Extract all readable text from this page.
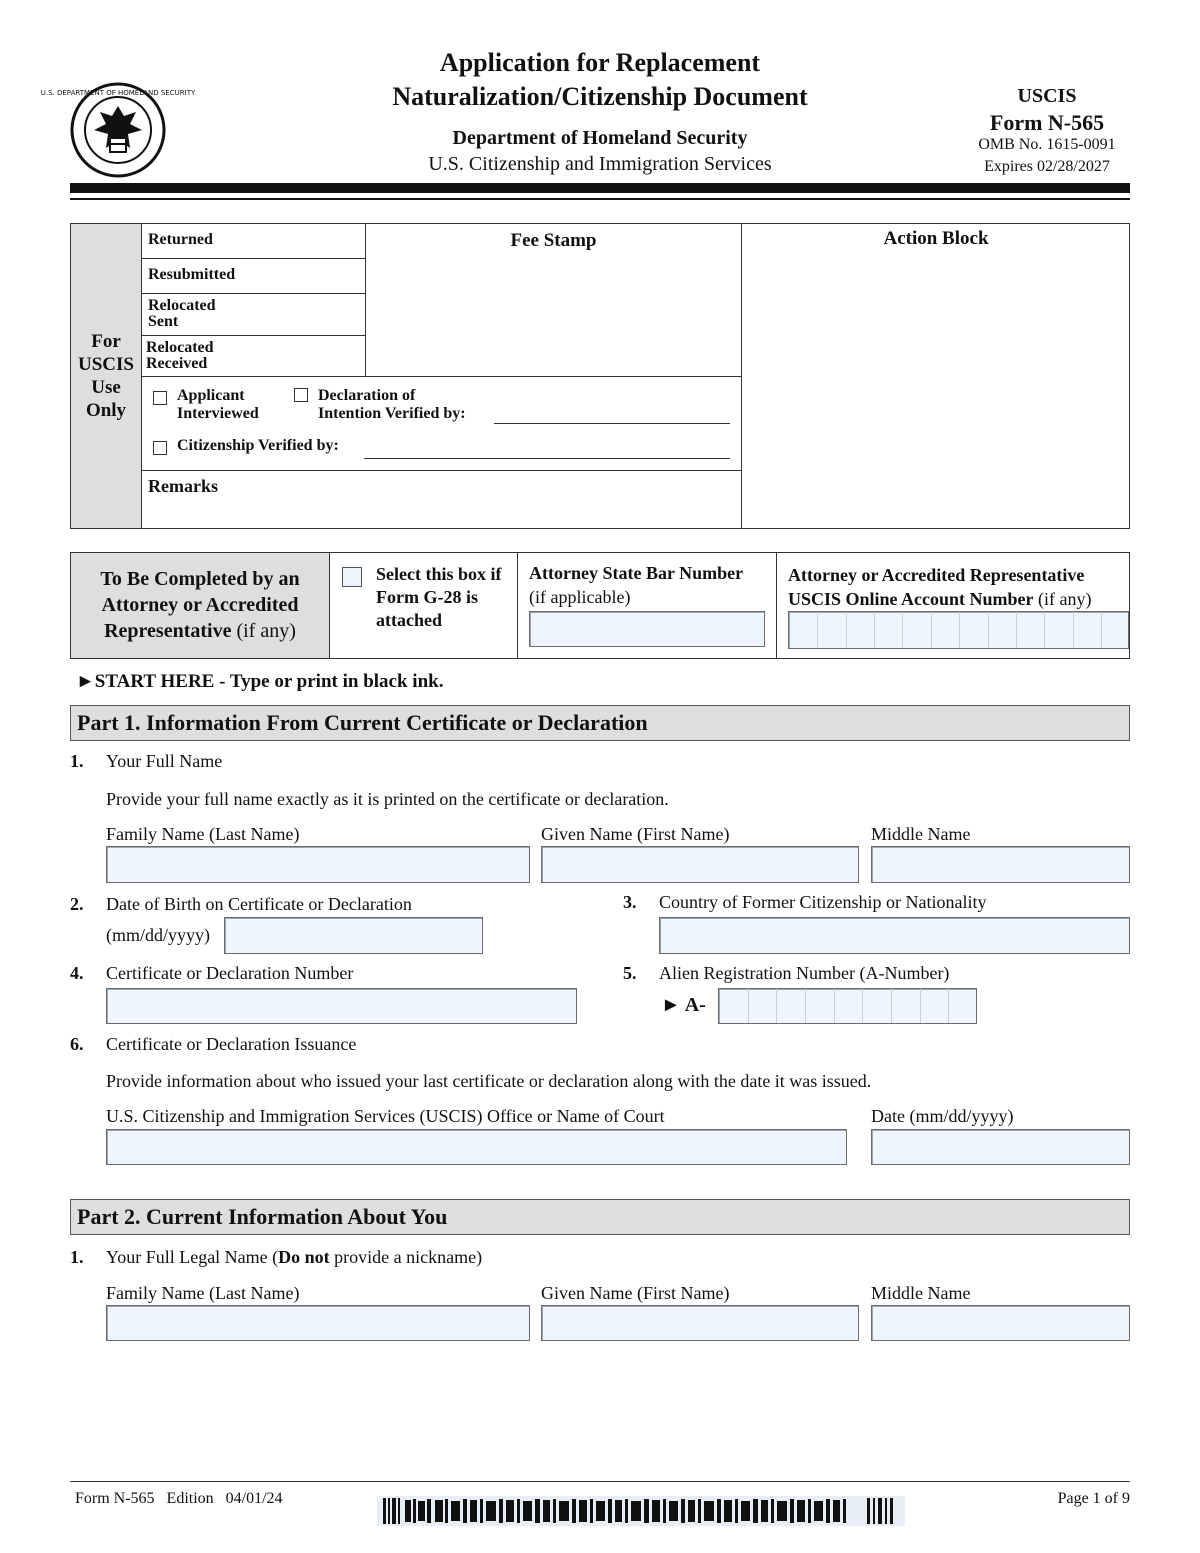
U.S. DEPARTMENT OF HOMELAND SECURITY
Application for Replacement
Naturalization/Citizenship Document
Department of Homeland Security
U.S. Citizenship and Immigration Services
USCIS
Form N-565
OMB No. 1615-0091
Expires 02/28/2027
For
USCIS
Use
Only
Returned
Resubmitted
Relocated
Sent
Relocated
Received
Fee Stamp	Action Block
Applicant
Interviewed
Declaration of
Intention Verified by:
Citizenship Verified by:
Remarks
To Be Completed by an
Attorney or Accredited
Representative (if any)
Select this box if
Form G-28 is
attached
Attorney State Bar Number
(if applicable)
Attorney or Accredited Representative
USCIS Online Account Number (if any)
►START HERE - Type or print in black ink.
Part 1. Information From Current Certificate or Declaration
1. Your Full Name
Provide your full name exactly as it is printed on the certificate or declaration.
Family Name (Last Name)	Given Name (First Name)	Middle Name
2. Date of Birth on Certificate or Declaration
(mm/dd/yyyy)
3. Country of Former Citizenship or Nationality
4. Certificate or Declaration Number	5. Alien Registration Number (A-Number)
► A-
6. Certificate or Declaration Issuance
Provide information about who issued your last certificate or declaration along with the date it was issued.
U.S. Citizenship and Immigration Services (USCIS) Office or Name of Court	Date (mm/dd/yyyy)
Part 2. Current Information About You
1. Your Full Legal Name (Do not provide a nickname)
Family Name (Last Name)	Given Name (First Name)	Middle Name
Form N-565   Edition   04/01/24	Page 1 of 9
